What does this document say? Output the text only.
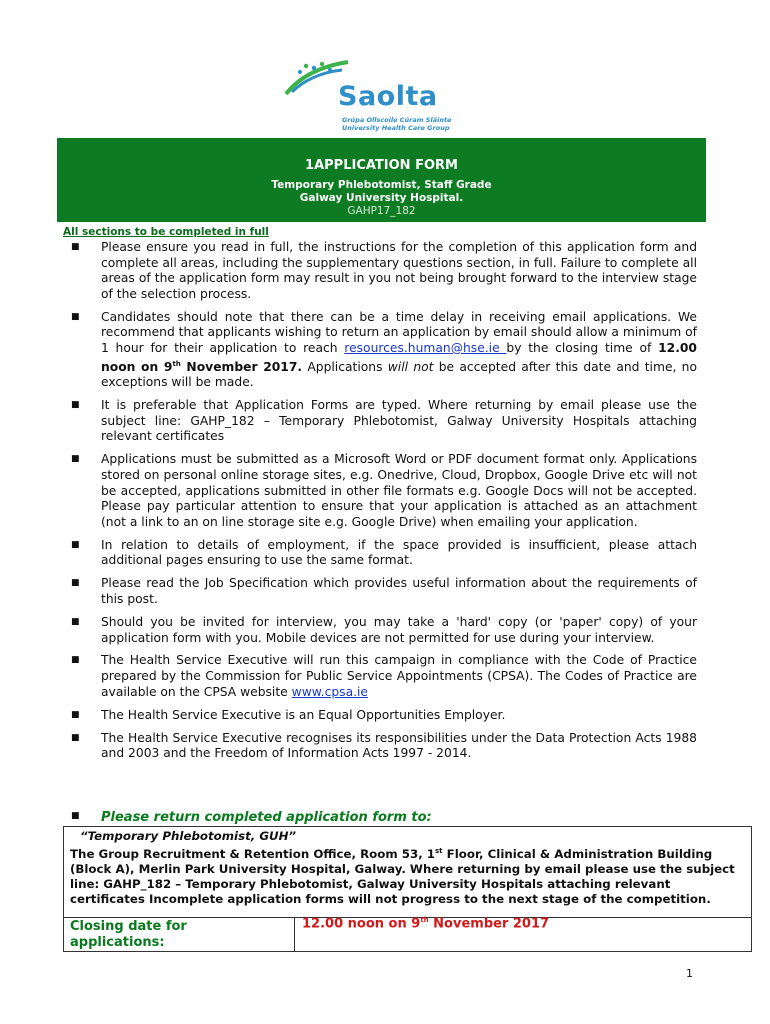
Saolta
Grúpa Ollscoile Cúram Sláinte
University Health Care Group
1APPLICATION FORM
Temporary Phlebotomist, Staff Grade
Galway University Hospital.
GAHP17_182
All sections to be completed in full
■ Please ensure you read in full, the instructions for the completion of this application form and complete all areas, including the supplementary questions section, in full. Failure to complete all areas of the application form may result in you not being brought forward to the interview stage of the selection process.
■ Candidates should note that there can be a time delay in receiving email applications. We recommend that applicants wishing to return an application by email should allow a minimum of 1 hour for their application to reach resources.human@hse.ie by the closing time of 12.00 noon on 9th November 2017. Applications will not be accepted after this date and time, no exceptions will be made.
■ It is preferable that Application Forms are typed. Where returning by email please use the subject line: GAHP_182 – Temporary Phlebotomist, Galway University Hospitals attaching relevant certificates
■ Applications must be submitted as a Microsoft Word or PDF document format only. Applications stored on personal online storage sites, e.g. Onedrive, Cloud, Dropbox, Google Drive etc will not be accepted, applications submitted in other file formats e.g. Google Docs will not be accepted. Please pay particular attention to ensure that your application is attached as an attachment (not a link to an on line storage site e.g. Google Drive) when emailing your application.
■ In relation to details of employment, if the space provided is insufficient, please attach additional pages ensuring to use the same format.
■ Please read the Job Specification which provides useful information about the requirements of this post.
■ Should you be invited for interview, you may take a 'hard' copy (or 'paper' copy) of your application form with you. Mobile devices are not permitted for use during your interview.
■ The Health Service Executive will run this campaign in compliance with the Code of Practice prepared by the Commission for Public Service Appointments (CPSA). The Codes of Practice are available on the CPSA website www.cpsa.ie
■ The Health Service Executive is an Equal Opportunities Employer.
■ The Health Service Executive recognises its responsibilities under the Data Protection Acts 1988 and 2003 and the Freedom of Information Acts 1997 - 2014.
■ Please return completed application form to:
“Temporary Phlebotomist, GUH”
The Group Recruitment & Retention Office, Room 53, 1st Floor, Clinical & Administration Building (Block A), Merlin Park University Hospital, Galway. Where returning by email please use the subject line: GAHP_182 – Temporary Phlebotomist, Galway University Hospitals attaching relevant certificates Incomplete application forms will not progress to the next stage of the competition.
Closing date for applications:
12.00 noon on 9th November 2017
1
